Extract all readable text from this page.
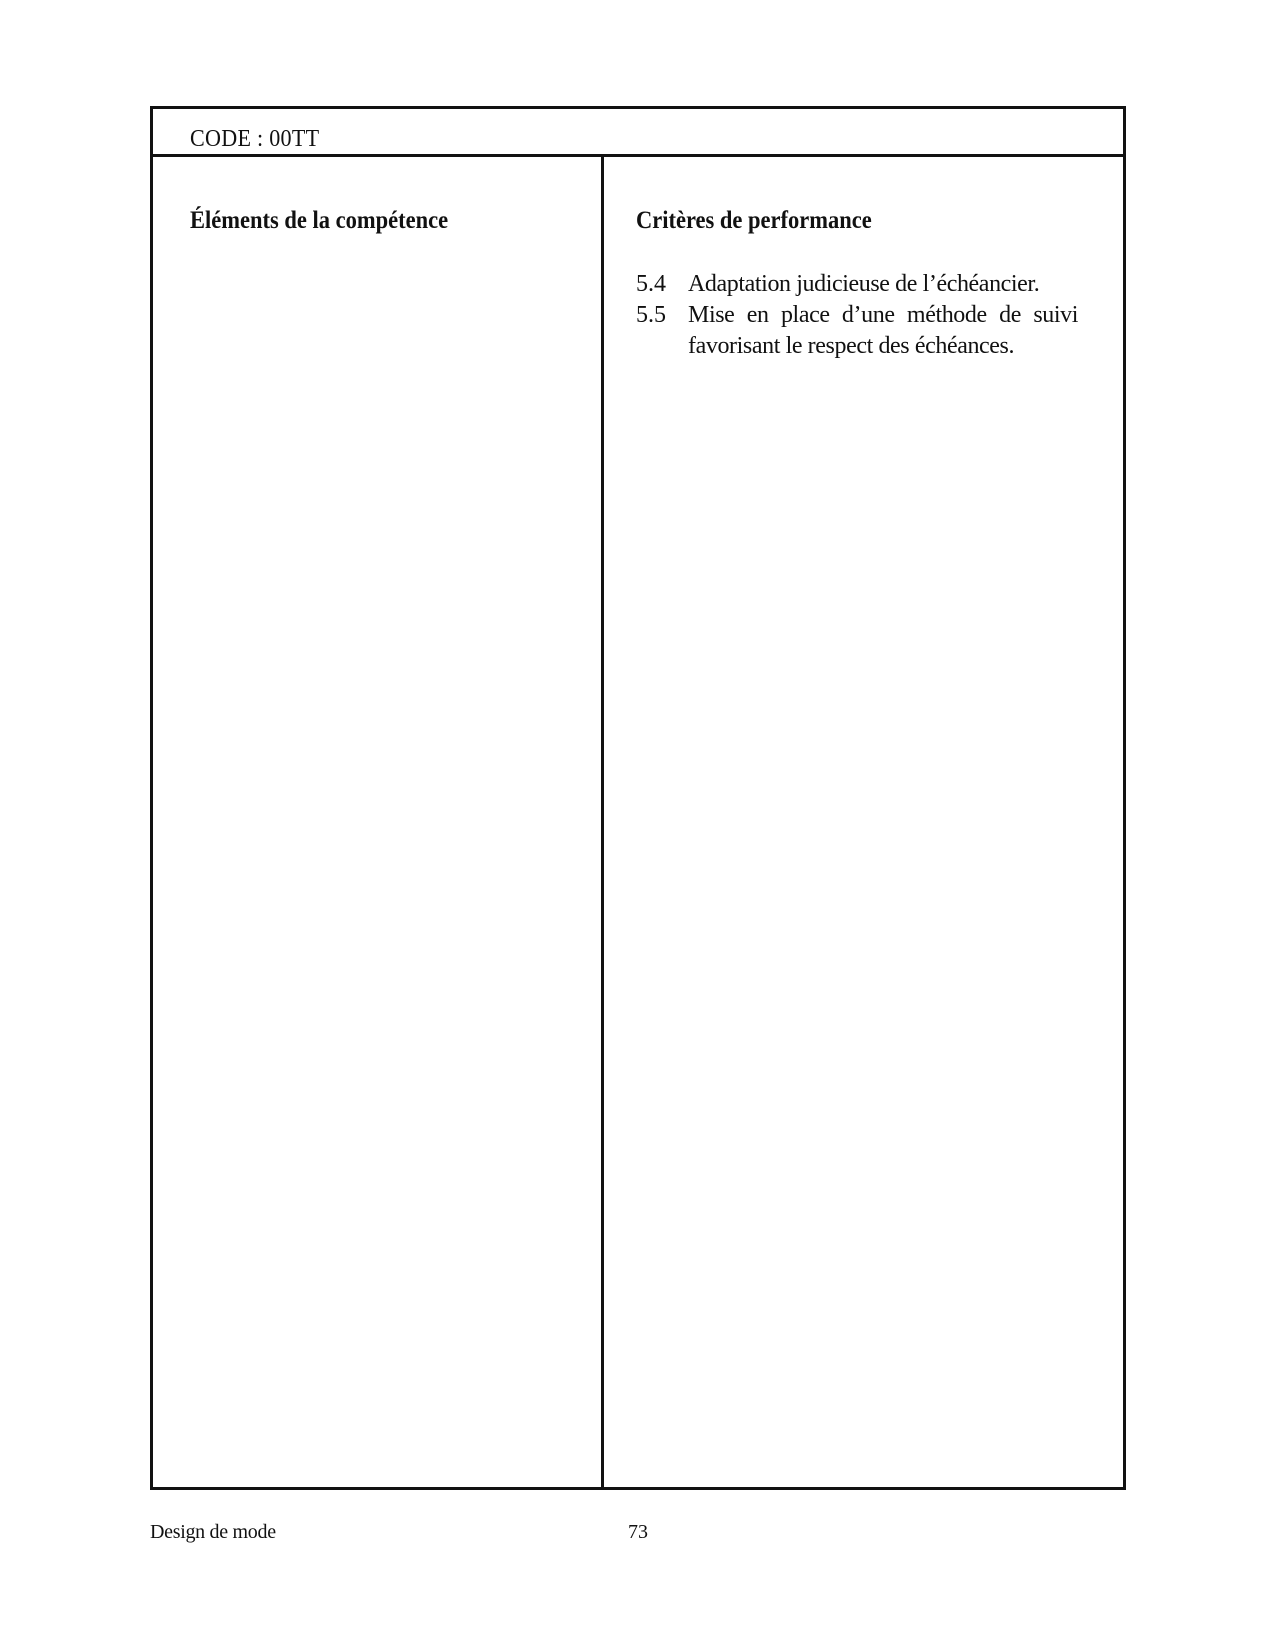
CODE : 00TT
Éléments de la compétence	Critères de performance
5.4 Adaptation judicieuse de l’échéancier.
5.5 Mise en place d’une méthode de suivi favorisant le respect des échéances.
Design de mode	73
